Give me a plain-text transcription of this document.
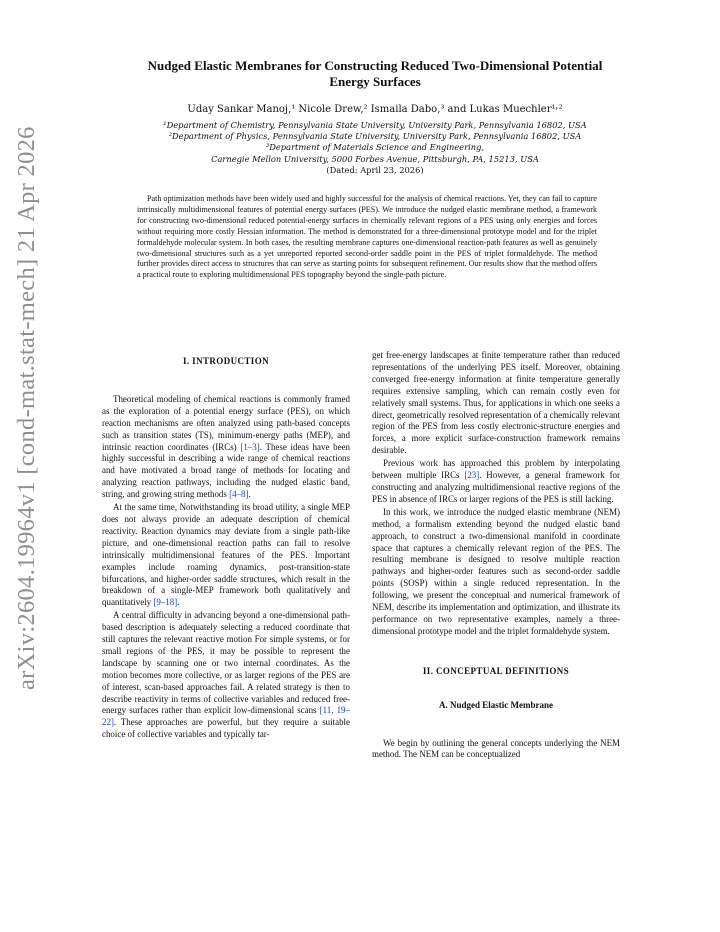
arXiv:2604.19964v1 [cond-mat.stat-mech] 21 Apr 2026
Nudged Elastic Membranes for Constructing Reduced Two-Dimensional Potential
Energy Surfaces
Uday Sankar Manoj,¹ Nicole Drew,² Ismaila Dabo,³ and Lukas Muechler¹˒²
¹Department of Chemistry, Pennsylvania State University, University Park, Pennsylvania 16802, USA
²Department of Physics, Pennsylvania State University, University Park, Pennsylvania 16802, USA
³Department of Materials Science and Engineering,
Carnegie Mellon University, 5000 Forbes Avenue, Pittsburgh, PA, 15213, USA
(Dated: April 23, 2026)
Path optimization methods have been widely used and highly successful for the analysis of chemical reactions. Yet, they can fail to capture intrinsically multidimensional features of potential energy surfaces (PES). We introduce the nudged elastic membrane method, a framework for constructing two-dimensional reduced potential-energy surfaces in chemically relevant regions of a PES using only energies and forces without requiring more costly Hessian information. The method is demonstrated for a three-dimensional prototype model and for the triplet formaldehyde molecular system. In both cases, the resulting membrane captures one-dimensional reaction-path features as well as genuinely two-dimensional structures such as a yet unreported reported second-order saddle point in the PES of triplet formaldehyde. The method further provides direct access to structures that can serve as starting points for subsequent refinement. Our results show that the method offers a practical route to exploring multidimensional PES topography beyond the single-path picture.
I. INTRODUCTION

Theoretical modeling of chemical reactions is commonly framed as the exploration of a potential energy surface (PES), on which reaction mechanisms are often analyzed using path-based concepts such as transition states (TS), minimum-energy paths (MEP), and intrinsic reaction coordinates (IRCs) [1–3]. These ideas have been highly successful in describing a wide range of chemical reactions and have motivated a broad range of methods for locating and analyzing reaction pathways, including the nudged elastic band, string, and growing string methods [4–8].

At the same time, Notwithstanding its broad utility, a single MEP does not always provide an adequate description of chemical reactivity. Reaction dynamics may deviate from a single path-like picture, and one-dimensional reaction paths can fail to resolve intrinsically multidimensional features of the PES. Important examples include roaming dynamics, post-transition-state bifurcations, and higher-order saddle structures, which result in the breakdown of a single-MEP framework both qualitatively and quantitatively [9–18].

A central difficulty in advancing beyond a one-dimensional path-based description is adequately selecting a reduced coordinate that still captures the relevant reactive motion For simple systems, or for small regions of the PES, it may be possible to represent the landscape by scanning one or two internal coordinates. As the motion becomes more collective, or as larger regions of the PES are of interest, scan-based approaches fail. A related strategy is then to describe reactivity in terms of collective variables and reduced free-energy surfaces rather than explicit low-dimensional scans [11, 19–22]. These approaches are powerful, but they require a suitable choice of collective variables and typically tar-

get free-energy landscapes at finite temperature rather than reduced representations of the underlying PES itself. Moreover, obtaining converged free-energy information at finite temperature generally requires extensive sampling, which can remain costly even for relatively small systems. Thus, for applications in which one seeks a direct, geometrically resolved representation of a chemically relevant region of the PES from less costly electronic-structure energies and forces, a more explicit surface-construction framework remains desirable.

Previous work has approached this problem by interpolating between multiple IRCs [23]. However, a general framework for constructing and analyzing multidimensional reactive regions of the PES in absence of IRCs or larger regions of the PES is still lacking.

In this work, we introduce the nudged elastic membrane (NEM) method, a formalism extending beyond the nudged elastic band approach, to construct a two-dimensional manifold in coordinate space that captures a chemically relevant region of the PES. The resulting membrane is designed to resolve multiple reaction pathways and higher-order features such as second-order saddle points (SOSP) within a single reduced representation. In the following, we present the conceptual and numerical framework of NEM, describe its implementation and optimization, and illustrate its performance on two representative examples, namely a three-dimensional prototype model and the triplet formaldehyde system.

II. CONCEPTUAL DEFINITIONS
A. Nudged Elastic Membrane

We begin by outlining the general concepts underlying the NEM method. The NEM can be conceptualized
